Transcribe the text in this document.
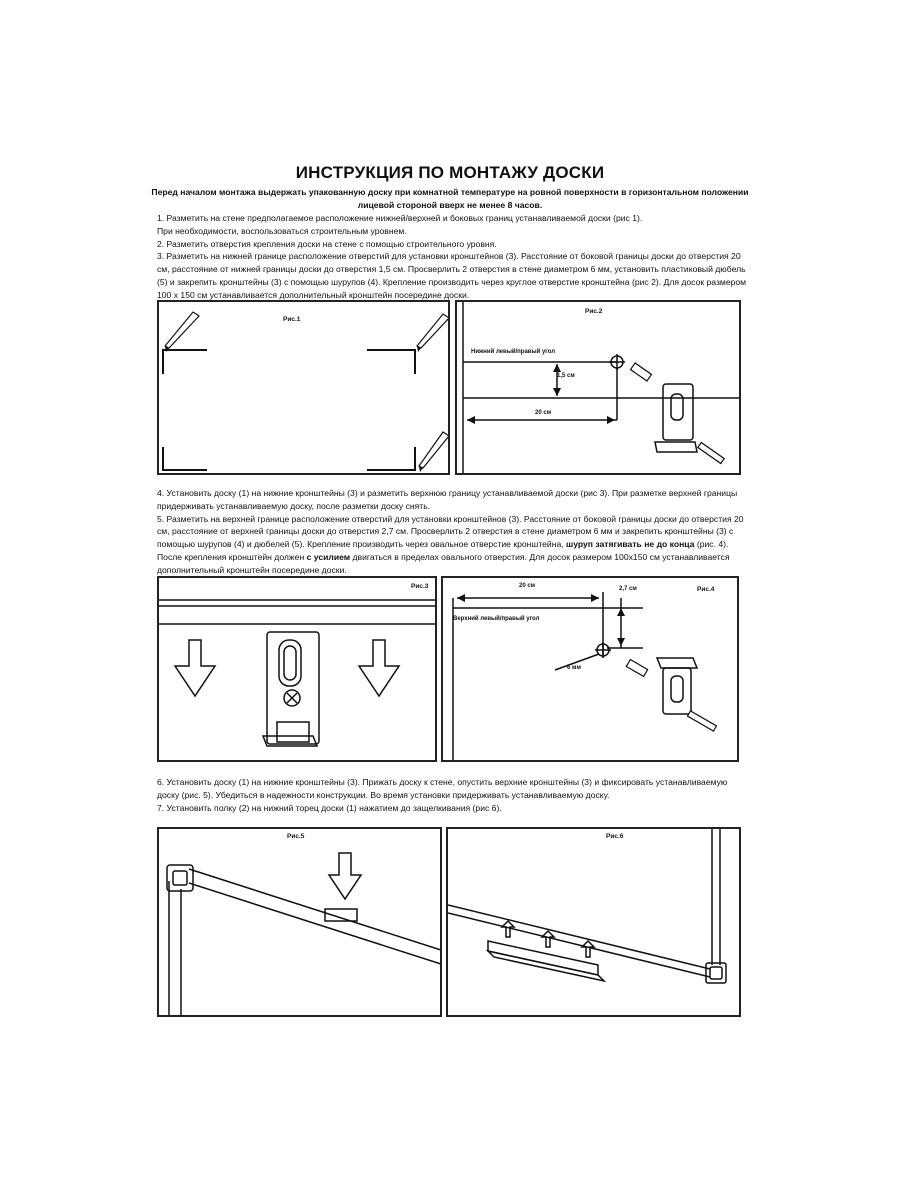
ИНСТРУКЦИЯ ПО МОНТАЖУ ДОСКИ
Перед началом монтажа выдержать упакованную доску при комнатной температуре на ровной поверхности в горизонтальном положении лицевой стороной вверх не менее 8 часов.

1. Разметить на стене предполагаемое расположение нижней/верхней и боковых границ устанавливаемой доски (рис 1).

При необходимости, воспользоваться строительным уровнем.

2. Разметить отверстия крепления доски на стене с помощью строительного уровня.

3. Разметить на нижней границе расположение отверстий для установки кронштейнов (3). Расстояние от боковой границы доски до отверстия 20 см, расстояние от нижней границы доски до отверстия 1,5 см. Просверлить 2 отверстия в стене диаметром 6 мм, установить пластиковый дюбель (5) и закрепить кронштейны (3) с помощью шурупов (4). Крепление производить через круглое отверстие кронштейна (рис 2). Для досок размером 100 х 150 см устанавливается дополнительный кронштейн посередине доски.

Рис.1
Рис.2
Нижний левый/правый угол
1,5 см
20 см

4. Установить доску (1) на нижние кронштейны (3) и разметить верхнюю границу устанавливаемой доски (рис 3). При разметке верхней границы придерживать устанавливаемую доску, после разметки доску снять.

5. Разметить на верхней границе расположение отверстий для установки кронштейнов (3). Расстояние от боковой границы доски до отверстия 20 см, расстояние от верхней границы доски до отверстия 2,7 см. Просверлить 2 отверстия в стене диаметром 6 мм и закрепить кронштейны (3) с помощью шурупов (4) и дюбелей (5). Крепление производить через овальное отверстие кронштейна, шуруп затягивать не до конца (рис. 4).

После крепления кронштейн должен с усилием двигаться в пределах овального отверстия. Для досок размером 100х150 см устанавливается дополнительный кронштейн посередине доски.

Рис.3	Рис.4
20 см	2,7 см
Верхний левый/правый угол
6 мм

6. Установить доску (1) на нижние кронштейны (3). Прижать доску к стене, опустить верхние кронштейны (3) и фиксировать устанавливаемую доску (рис. 5). Убедиться в надежности конструкции. Во время установки придерживать устанавливаемую доску.

7. Установить полку (2) на нижний торец доски (1) нажатием до защелкивания (рис 6).

Рис.5	Рис.6
